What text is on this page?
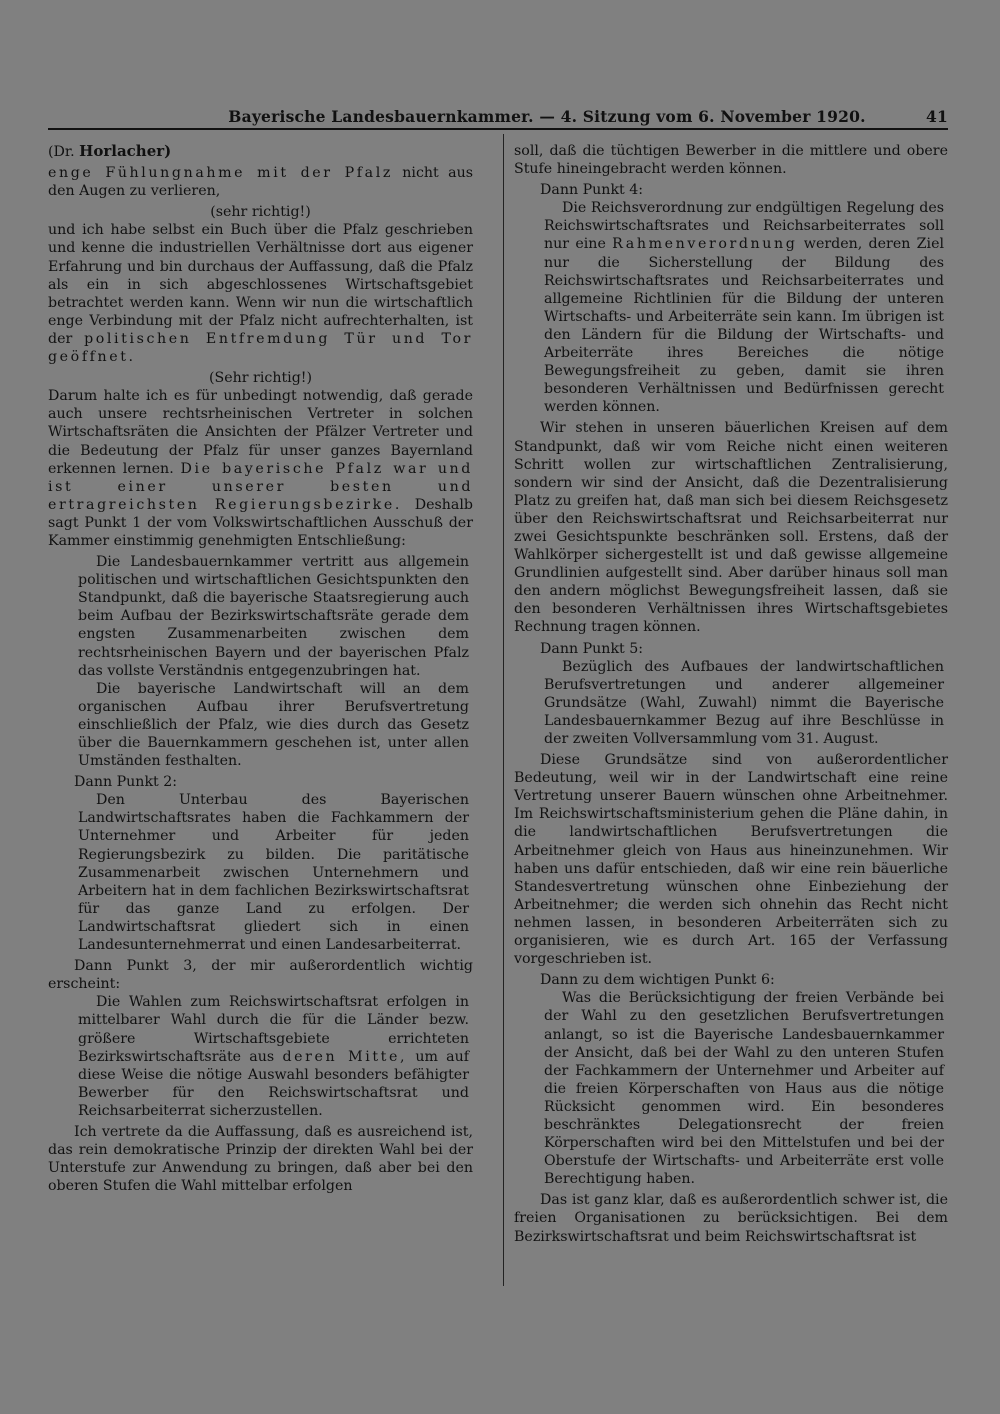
Bayerische Landesbauernkammer. — 4. Sitzung vom 6. November 1920.	41

(Dr. Horlacher)

enge Fühlungnahme mit der Pfalz nicht aus den Augen zu verlieren,

(sehr richtig!)

und ich habe selbst ein Buch über die Pfalz geschrieben und kenne die industriellen Verhältnisse dort aus eigener Erfahrung und bin durchaus der Auffassung, daß die Pfalz als ein in sich abgeschlossenes Wirtschaftsgebiet betrachtet werden kann. Wenn wir nun die wirtschaftlich enge Verbindung mit der Pfalz nicht aufrechterhalten, ist der politischen Entfremdung Tür und Tor geöffnet.

(Sehr richtig!)

Darum halte ich es für unbedingt notwendig, daß gerade auch unsere rechtsrheinischen Vertreter in solchen Wirtschaftsräten die Ansichten der Pfälzer Vertreter und die Bedeutung der Pfalz für unser ganzes Bayernland erkennen lernen. Die bayerische Pfalz war und ist einer unserer besten und ertragreichsten Regierungsbezirke. Deshalb sagt Punkt 1 der vom Volkswirtschaftlichen Ausschuß der Kammer einstimmig genehmigten Entschließung:

Die Landesbauernkammer vertritt aus allgemein politischen und wirtschaftlichen Gesichtspunkten den Standpunkt, daß die bayerische Staatsregierung auch beim Aufbau der Bezirkswirtschaftsräte gerade dem engsten Zusammenarbeiten zwischen dem rechtsrheinischen Bayern und der bayerischen Pfalz das vollste Verständnis entgegenzubringen hat.

Die bayerische Landwirtschaft will an dem organischen Aufbau ihrer Berufsvertretung einschließlich der Pfalz, wie dies durch das Gesetz über die Bauernkammern geschehen ist, unter allen Umständen festhalten.

Dann Punkt 2:

Den Unterbau des Bayerischen Landwirtschaftsrates haben die Fachkammern der Unternehmer und Arbeiter für jeden Regierungsbezirk zu bilden. Die paritätische Zusammenarbeit zwischen Unternehmern und Arbeitern hat in dem fachlichen Bezirkswirtschaftsrat für das ganze Land zu erfolgen. Der Landwirtschaftsrat gliedert sich in einen Landesunternehmerrat und einen Landesarbeiterrat.

Dann Punkt 3, der mir außerordentlich wichtig erscheint:

Die Wahlen zum Reichswirtschaftsrat erfolgen in mittelbarer Wahl durch die für die Länder bezw. größere Wirtschaftsgebiete errichteten Bezirkswirtschaftsräte aus deren Mitte, um auf diese Weise die nötige Auswahl besonders befähigter Bewerber für den Reichswirtschaftsrat und Reichsarbeiterrat sicherzustellen.

Ich vertrete da die Auffassung, daß es ausreichend ist, das rein demokratische Prinzip der direkten Wahl bei der Unterstufe zur Anwendung zu bringen, daß aber bei den oberen Stufen die Wahl mittelbar erfolgen

soll, daß die tüchtigen Bewerber in die mittlere und obere Stufe hineingebracht werden können.

Dann Punkt 4:

Die Reichsverordnung zur endgültigen Regelung des Reichswirtschaftsrates und Reichsarbeiterrates soll nur eine Rahmenverordnung werden, deren Ziel nur die Sicherstellung der Bildung des Reichswirtschaftsrates und Reichsarbeiterrates und allgemeine Richtlinien für die Bildung der unteren Wirtschafts- und Arbeiterräte sein kann. Im übrigen ist den Ländern für die Bildung der Wirtschafts- und Arbeiterräte ihres Bereiches die nötige Bewegungsfreiheit zu geben, damit sie ihren besonderen Verhältnissen und Bedürfnissen gerecht werden können.

Wir stehen in unseren bäuerlichen Kreisen auf dem Standpunkt, daß wir vom Reiche nicht einen weiteren Schritt wollen zur wirtschaftlichen Zentralisierung, sondern wir sind der Ansicht, daß die Dezentralisierung Platz zu greifen hat, daß man sich bei diesem Reichsgesetz über den Reichswirtschaftsrat und Reichsarbeiterrat nur zwei Gesichtspunkte beschränken soll. Erstens, daß der Wahlkörper sichergestellt ist und daß gewisse allgemeine Grundlinien aufgestellt sind. Aber darüber hinaus soll man den andern möglichst Bewegungsfreiheit lassen, daß sie den besonderen Verhältnissen ihres Wirtschaftsgebietes Rechnung tragen können.

Dann Punkt 5:

Bezüglich des Aufbaues der landwirtschaftlichen Berufsvertretungen und anderer allgemeiner Grundsätze (Wahl, Zuwahl) nimmt die Bayerische Landesbauernkammer Bezug auf ihre Beschlüsse in der zweiten Vollversammlung vom 31. August.

Diese Grundsätze sind von außerordentlicher Bedeutung, weil wir in der Landwirtschaft eine reine Vertretung unserer Bauern wünschen ohne Arbeitnehmer. Im Reichswirtschaftsministerium gehen die Pläne dahin, in die landwirtschaftlichen Berufsvertretungen die Arbeitnehmer gleich von Haus aus hineinzunehmen. Wir haben uns dafür entschieden, daß wir eine rein bäuerliche Standesvertretung wünschen ohne Einbeziehung der Arbeitnehmer; die werden sich ohnehin das Recht nicht nehmen lassen, in besonderen Arbeiterräten sich zu organisieren, wie es durch Art. 165 der Verfassung vorgeschrieben ist.

Dann zu dem wichtigen Punkt 6:

Was die Berücksichtigung der freien Verbände bei der Wahl zu den gesetzlichen Berufsvertretungen anlangt, so ist die Bayerische Landesbauernkammer der Ansicht, daß bei der Wahl zu den unteren Stufen der Fachkammern der Unternehmer und Arbeiter auf die freien Körperschaften von Haus aus die nötige Rücksicht genommen wird. Ein besonderes beschränktes Delegationsrecht der freien Körperschaften wird bei den Mittelstufen und bei der Oberstufe der Wirtschafts- und Arbeiterräte erst volle Berechtigung haben.

Das ist ganz klar, daß es außerordentlich schwer ist, die freien Organisationen zu berücksichtigen. Bei dem Bezirkswirtschaftsrat und beim Reichswirtschaftsrat ist
